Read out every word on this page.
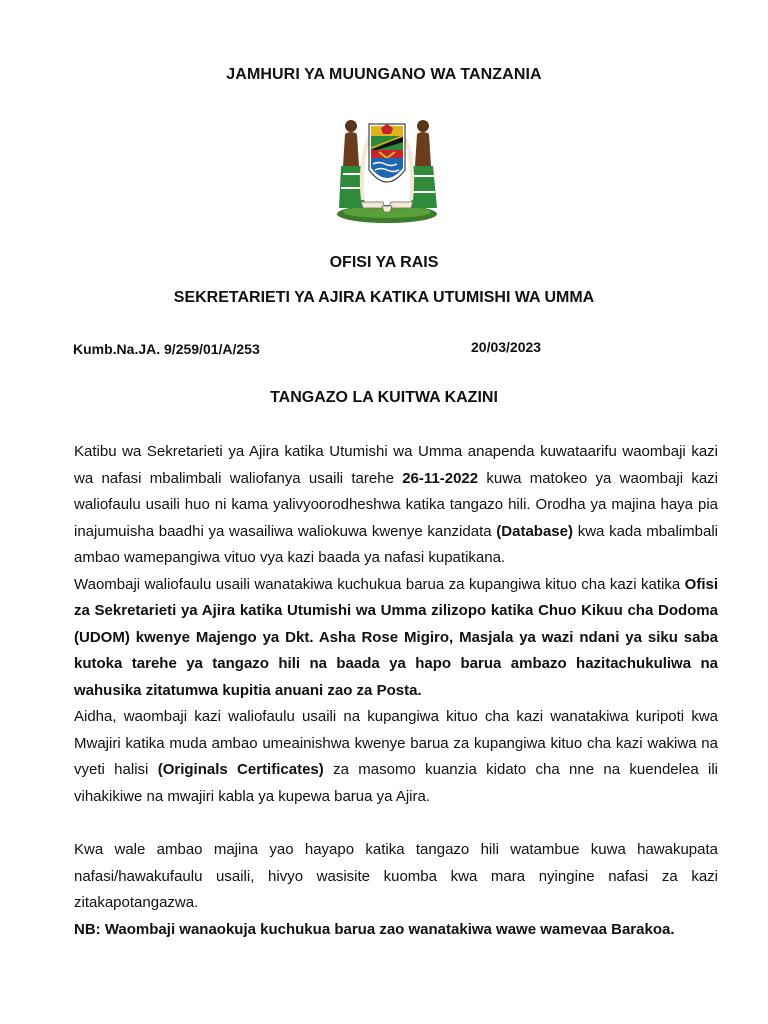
JAMHURI YA MUUNGANO WA TANZANIA
OFISI YA RAIS
SEKRETARIETI YA AJIRA KATIKA UTUMISHI WA UMMA
Kumb.Na.JA. 9/259/01/A/253	20/03/2023
TANGAZO LA KUITWA KAZINI

Katibu wa Sekretarieti ya Ajira katika Utumishi wa Umma anapenda kuwataarifu waombaji kazi wa nafasi mbalimbali waliofanya usaili tarehe 26-11-2022 kuwa matokeo ya waombaji kazi waliofaulu usaili huo ni kama yalivyoorodheshwa katika tangazo hili. Orodha ya majina haya pia inajumuisha baadhi ya wasailiwa waliokuwa kwenye kanzidata (Database) kwa kada mbalimbali ambao wamepangiwa vituo vya kazi baada ya nafasi kupatikana.

Waombaji waliofaulu usaili wanatakiwa kuchukua barua za kupangiwa kituo cha kazi katika Ofisi za Sekretarieti ya Ajira katika Utumishi wa Umma zilizopo katika Chuo Kikuu cha Dodoma (UDOM) kwenye Majengo ya Dkt. Asha Rose Migiro, Masjala ya wazi ndani ya siku saba kutoka tarehe ya tangazo hili na baada ya hapo barua ambazo hazitachukuliwa na wahusika zitatumwa kupitia anuani zao za Posta.

Aidha, waombaji kazi waliofaulu usaili na kupangiwa kituo cha kazi wanatakiwa kuripoti kwa Mwajiri katika muda ambao umeainishwa kwenye barua za kupangiwa kituo cha kazi wakiwa na vyeti halisi (Originals Certificates) za masomo kuanzia kidato cha nne na kuendelea ili vihakikiwe na mwajiri kabla ya kupewa barua ya Ajira.

Kwa wale ambao majina yao hayapo katika tangazo hili watambue kuwa hawakupata nafasi/hawakufaulu usaili, hivyo wasisite kuomba kwa mara nyingine nafasi za kazi zitakapotangazwa.

NB: Waombaji wanaokuja kuchukua barua zao wanatakiwa wawe wamevaa Barakoa.
